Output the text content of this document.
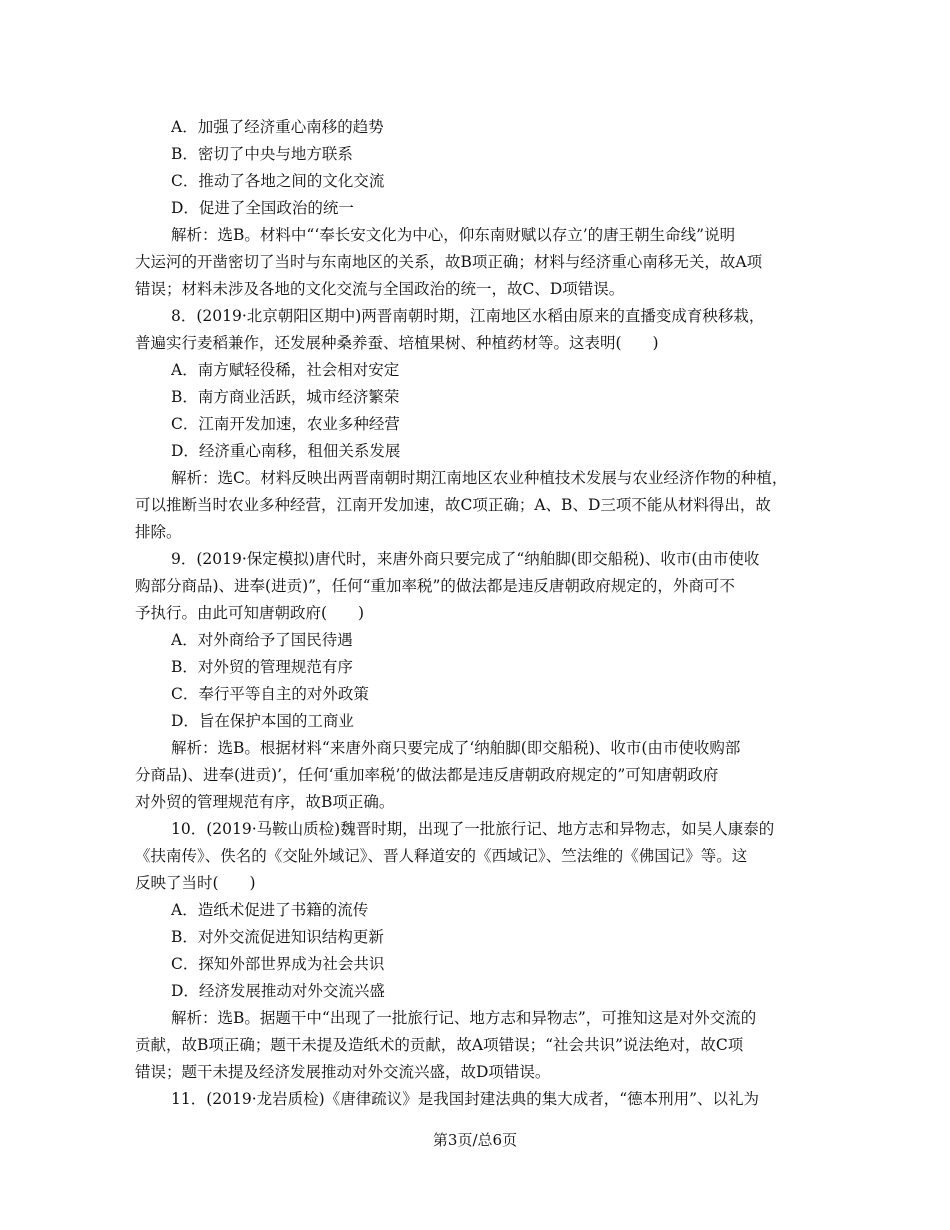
A．加强了经济重心南移的趋势
B．密切了中央与地方联系
C．推动了各地之间的文化交流
D．促进了全国政治的统一
解析：选B。材料中“‘奉长安文化为中心，仰东南财赋以存立’的唐王朝生命线”说明
大运河的开凿密切了当时与东南地区的关系，故B项正确；材料与经济重心南移无关，故A项
错误；材料未涉及各地的文化交流与全国政治的统一，故C、D项错误。
8．(2019·北京朝阳区期中)两晋南朝时期，江南地区水稻由原来的直播变成育秧移栽，
普遍实行麦稻兼作，还发展种桑养蚕、培植果树、种植药材等。这表明(　　)
A．南方赋轻役稀，社会相对安定
B．南方商业活跃，城市经济繁荣
C．江南开发加速，农业多种经营
D．经济重心南移，租佃关系发展
解析：选C。材料反映出两晋南朝时期江南地区农业种植技术发展与农业经济作物的种植，
可以推断当时农业多种经营，江南开发加速，故C项正确；A、B、D三项不能从材料得出，故
排除。
9．(2019·保定模拟)唐代时，来唐外商只要完成了“纳舶脚(即交船税)、收市(由市使收
购部分商品)、进奉(进贡)”，任何“重加率税”的做法都是违反唐朝政府规定的，外商可不
予执行。由此可知唐朝政府(　　)
A．对外商给予了国民待遇
B．对外贸的管理规范有序
C．奉行平等自主的对外政策
D．旨在保护本国的工商业
解析：选B。根据材料“来唐外商只要完成了‘纳舶脚(即交船税)、收市(由市使收购部
分商品)、进奉(进贡)’，任何‘重加率税’的做法都是违反唐朝政府规定的”可知唐朝政府
对外贸的管理规范有序，故B项正确。
10．(2019·马鞍山质检)魏晋时期，出现了一批旅行记、地方志和异物志，如吴人康泰的
《扶南传》、佚名的《交阯外域记》、晋人释道安的《西域记》、竺法维的《佛国记》等。这
反映了当时(　　)
A．造纸术促进了书籍的流传
B．对外交流促进知识结构更新
C．探知外部世界成为社会共识
D．经济发展推动对外交流兴盛
解析：选B。据题干中“出现了一批旅行记、地方志和异物志”，可推知这是对外交流的
贡献，故B项正确；题干未提及造纸术的贡献，故A项错误；“社会共识”说法绝对，故C项
错误；题干未提及经济发展推动对外交流兴盛，故D项错误。
11．(2019·龙岩质检)《唐律疏议》是我国封建法典的集大成者，“德本刑用”、以礼为
第3页/总6页
